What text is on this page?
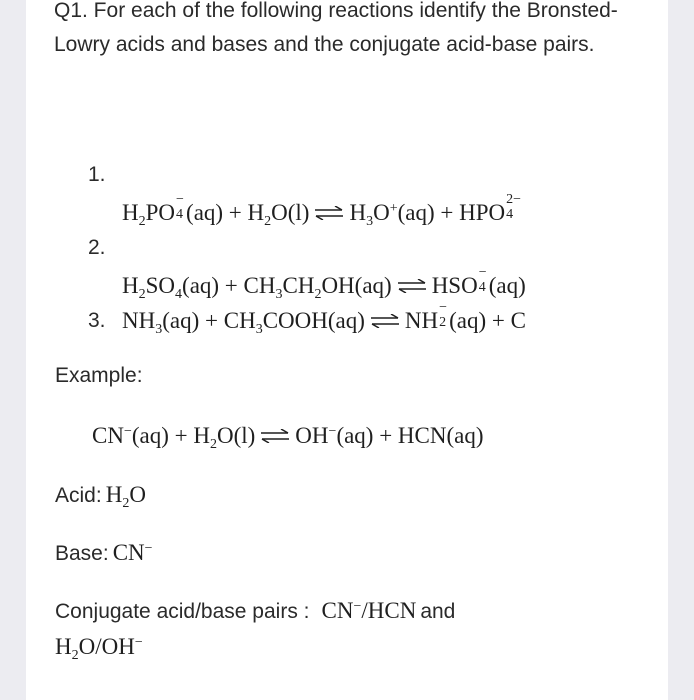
Q1. For each of the following reactions identify the Bronsted-Lowry acids and bases and the conjugate acid-base pairs.
1.
$H_2PO$
−
4 $(aq) + H_2O(l)$ ⇌ $H_3O^+(aq)$ + HPO
2−
4
2.
$H_2SO_4(aq) + CH_3CH_2OH(aq)$ ⇌ HSO
−
4 (aq)
3. $NH_3(aq)$ + $CH_3COOH(aq)$ ⇌ NH
−
2 (aq) + C
Example:
$CN^-(aq) + H_2O(l)$ ⇌ OH−(aq) + HCN(aq)
Acid: $H_2O$
Base: CN−
Conjugate acid/base pairs : CN−/HCN and
$H_2O/OH^-$
